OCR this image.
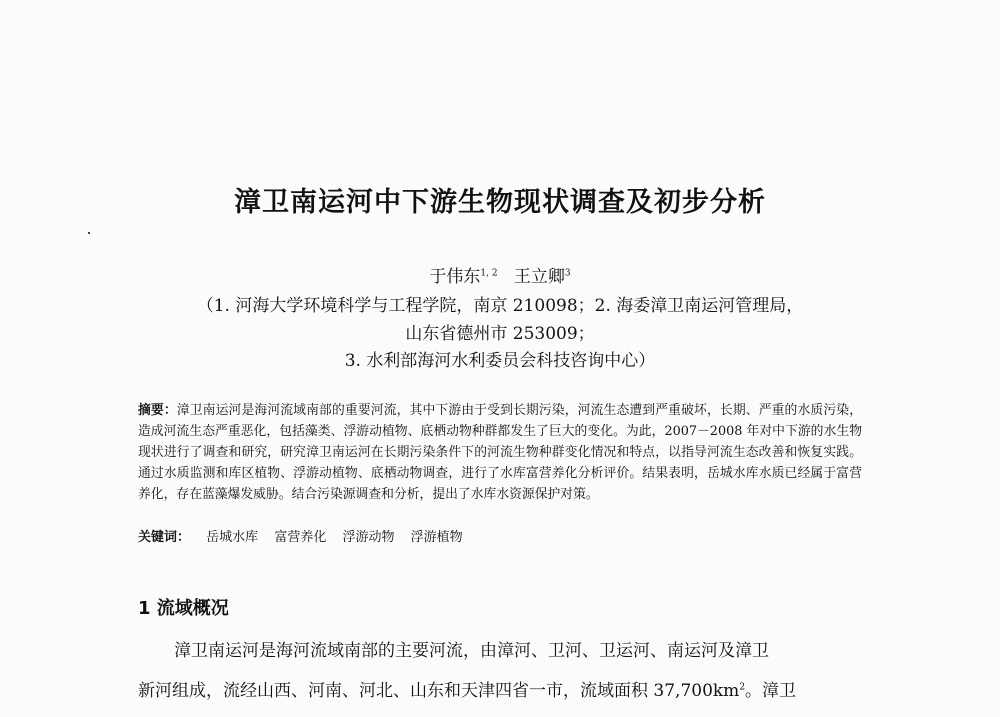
漳卫南运河中下游生物现状调查及初步分析
于伟东$^{1, 2}$ 王立卿$^3$
（1. 河海大学环境科学与工程学院，南京 210098；2. 海委漳卫南运河管理局，
山东省德州市 253009；
3. 水利部海河水利委员会科技咨询中心）
摘要：漳卫南运河是海河流域南部的重要河流，其中下游由于受到长期污染，河流生态遭到严重破坏，长期、严重的水质污染，造成河流生态严重恶化，包括藻类、浮游动植物、底栖动物种群都发生了巨大的变化。为此，2007－2008 年对中下游的水生物现状进行了调查和研究，研究漳卫南运河在长期污染条件下的河流生物种群变化情况和特点，以指导河流生态改善和恢复实践。通过水质监测和库区植物、浮游动植物、底栖动物调查，进行了水库富营养化分析评价。结果表明，岳城水库水质已经属于富营养化，存在蓝藻爆发威胁。结合污染源调查和分析，提出了水库水资源保护对策。
关键词： 岳城水库 富营养化 浮游动物 浮游植物
1 流域概况
漳卫南运河是海河流域南部的主要河流，由漳河、卫河、卫运河、南运河及漳卫
新河组成，流经山西、河南、河北、山东和天津四省一市，流域面积 $37,700km^2$。漳卫
